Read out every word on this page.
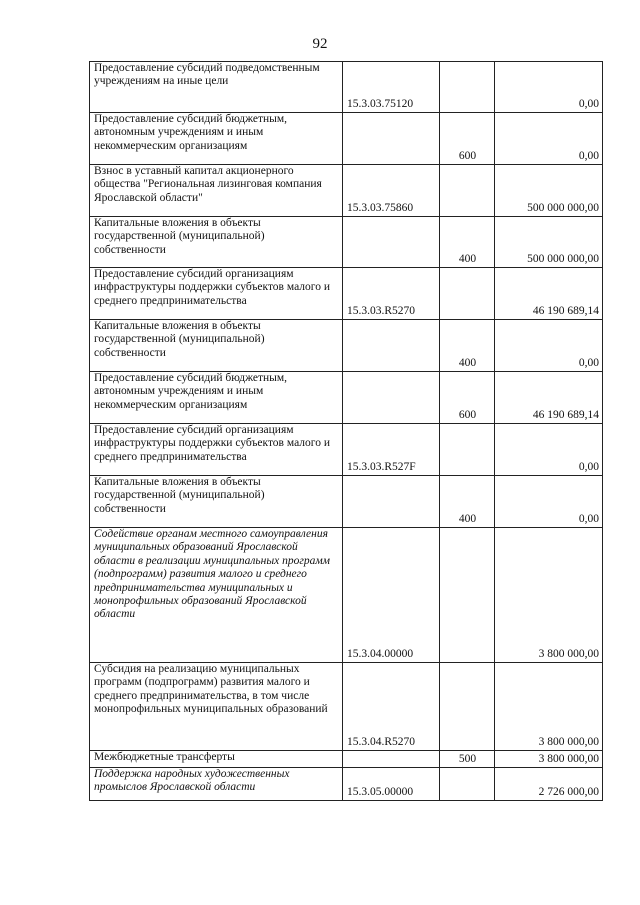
92
Предоставление субсидий подведомственным учреждениям на иные цели	15.3.03.75120		0,00
Предоставление субсидий бюджетным, автономным учреждениям и иным некоммерческим организациям		600	0,00
Взнос в уставный капитал акционерного общества "Региональная лизинговая компания Ярославской области"	15.3.03.75860		500 000 000,00
Капитальные вложения в объекты государственной (муниципальной) собственности		400	500 000 000,00
Предоставление субсидий организациям инфраструктуры поддержки субъектов малого и среднего предпринимательства	15.3.03.R5270		46 190 689,14
Капитальные вложения в объекты государственной (муниципальной) собственности		400	0,00
Предоставление субсидий бюджетным, автономным учреждениям и иным некоммерческим организациям		600	46 190 689,14
Предоставление субсидий организациям инфраструктуры поддержки субъектов малого и среднего предпринимательства	15.3.03.R527F		0,00
Капитальные вложения в объекты государственной (муниципальной) собственности		400	0,00
Содействие органам местного самоуправления муниципальных образований Ярославской области в реализации муниципальных программ (подпрограмм) развития малого и среднего предпринимательства муниципальных и монопрофильных образований Ярославской области	15.3.04.00000		3 800 000,00
Субсидия на реализацию муниципальных программ (подпрограмм) развития малого и среднего предпринимательства, в том числе монопрофильных муниципальных образований	15.3.04.R5270		3 800 000,00
Межбюджетные трансферты		500	3 800 000,00
Поддержка народных художественных промыслов Ярославской области	15.3.05.00000		2 726 000,00
